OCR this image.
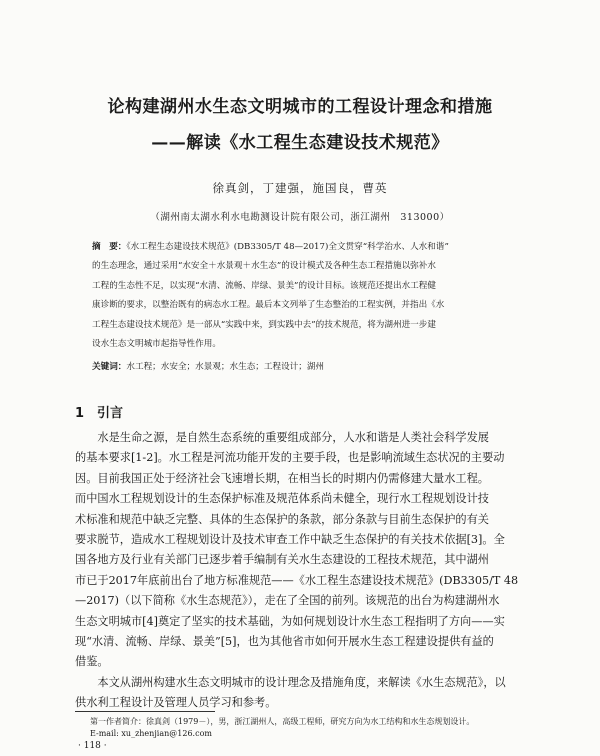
论构建湖州水生态文明城市的工程设计理念和措施
——解读《水工程生态建设技术规范》
徐真剑，丁建强，施国良，曹英
（湖州南太湖水利水电勘测设计院有限公司，浙江湖州　313000）

摘　要：《水工程生态建设技术规范》(DB3305/T 48—2017)全文贯穿“科学治水、人水和谐”

的生态理念，通过采用“水安全＋水景观＋水生态”的设计模式及各种生态工程措施以弥补水

工程的生态性不足，以实现“水清、流畅、岸绿、景美”的设计目标。该规范还提出水工程健

康诊断的要求，以整治既有的病态水工程。最后本文列举了生态整治的工程实例，并指出《水

工程生态建设技术规范》是一部从“实践中来，到实践中去”的技术规范，将为湖州进一步建

设水生态文明城市起指导性作用。

关键词：水工程；水安全；水景观；水生态；工程设计；湖州
1　引言

　　水是生命之源，是自然生态系统的重要组成部分，人水和谐是人类社会科学发展

的基本要求[1-2]。水工程是河流功能开发的主要手段，也是影响流域生态状况的主要动

因。目前我国正处于经济社会飞速增长期，在相当长的时期内仍需修建大量水工程。

而中国水工程规划设计的生态保护标准及规范体系尚未健全，现行水工程规划设计技

术标准和规范中缺乏完整、具体的生态保护的条款，部分条款与目前生态保护的有关

要求脱节，造成水工程规划设计及技术审查工作中缺乏生态保护的有关技术依据[3]。全

国各地方及行业有关部门已逐步着手编制有关水生态建设的工程技术规范，其中湖州

市已于2017年底前出台了地方标准规范——《水工程生态建设技术规范》(DB3305/T 48

—2017)（以下简称《水生态规范》），走在了全国的前列。该规范的出台为构建湖州水

生态文明城市[4]奠定了坚实的技术基础，为如何规划设计水生态工程指明了方向——实

现“水清、流畅、岸绿、景美”[5]，也为其他省市如何开展水生态工程建设提供有益的

借鉴。

　　本文从湖州构建水生态文明城市的设计理念及措施角度，来解读《水生态规范》，以

供水利工程设计及管理人员学习和参考。

第一作者简介：徐真剑（1979－），男，浙江湖州人，高级工程师，研究方向为水工结构和水生态规划设计。
E-mail: xu_zhenjian@126.com
· 118 ·
